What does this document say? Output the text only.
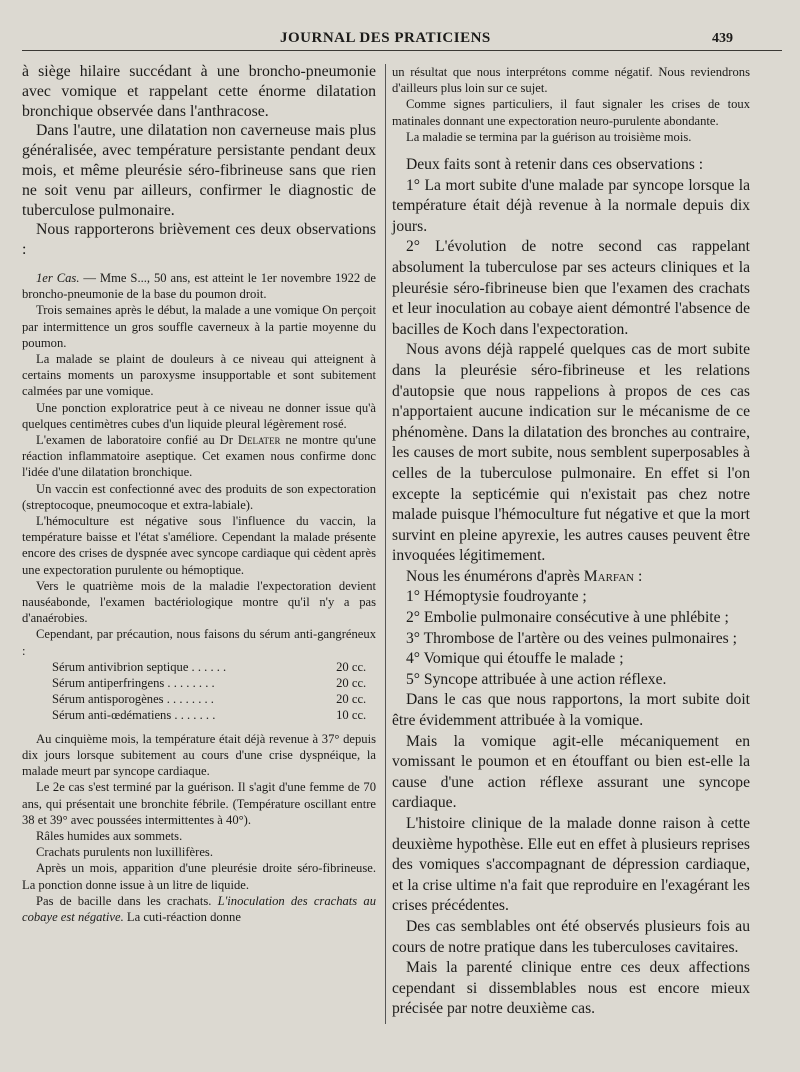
JOURNAL DES PRATICIENS	439

à siège hilaire succédant à une broncho-pneumonie avec vomique et rappelant cette énorme dilatation bronchique observée dans l'anthracose.

Dans l'autre, une dilatation non caverneuse mais plus généralisée, avec température persistante pendant deux mois, et même pleurésie séro-fibrineuse sans que rien ne soit venu par ailleurs, confirmer le diagnostic de tuberculose pulmonaire.

Nous rapporterons brièvement ces deux observations :

1er Cas. — Mme S..., 50 ans, est atteint le 1er novembre 1922 de broncho-pneumonie de la base du poumon droit.

Trois semaines après le début, la malade a une vomique On perçoit par intermittence un gros souffle caverneux à la partie moyenne du poumon.

La malade se plaint de douleurs à ce niveau qui atteignent à certains moments un paroxysme insupportable et sont subitement calmées par une vomique.

Une ponction exploratrice peut à ce niveau ne donner issue qu'à quelques centimètres cubes d'un liquide pleural légèrement rosé.

L'examen de laboratoire confié au Dr Delater ne montre qu'une réaction inflammatoire aseptique. Cet examen nous confirme donc l'idée d'une dilatation bronchique.

Un vaccin est confectionné avec des produits de son expectoration (streptocoque, pneumocoque et extra-labiale).

L'hémoculture est négative sous l'influence du vaccin, la température baisse et l'état s'améliore. Cependant la malade présente encore des crises de dyspnée avec syncope cardiaque qui cèdent après une expectoration purulente ou hémoptique.

Vers le quatrième mois de la maladie l'expectoration devient nauséabonde, l'examen bactériologique montre qu'il n'y a pas d'anaérobies.

Cependant, par précaution, nous faisons du sérum anti-gangréneux :

Sérum antivibrion septique . . . . . .	20 cc.
Sérum antiperfringens . . . . . . . .	20 cc.
Sérum antisporogènes . . . . . . . .	20 cc.
Sérum anti-œdématiens . . . . . . .	10 cc.

Au cinquième mois, la température était déjà revenue à 37° depuis dix jours lorsque subitement au cours d'une crise dyspnéique, la malade meurt par syncope cardiaque.

Le 2e cas s'est terminé par la guérison. Il s'agit d'une femme de 70 ans, qui présentait une bronchite fébrile. (Température oscillant entre 38 et 39° avec poussées intermittentes à 40°).

Râles humides aux sommets.

Crachats purulents non luxillifères.

Après un mois, apparition d'une pleurésie droite séro-fibrineuse. La ponction donne issue à un litre de liquide.

Pas de bacille dans les crachats. L'inoculation des crachats au cobaye est négative. La cuti-réaction donne

un résultat que nous interprétons comme négatif. Nous reviendrons d'ailleurs plus loin sur ce sujet.

Comme signes particuliers, il faut signaler les crises de toux matinales donnant une expectoration neuro-purulente abondante.

La maladie se termina par la guérison au troisième mois.

Deux faits sont à retenir dans ces observations :

1° La mort subite d'une malade par syncope lorsque la température était déjà revenue à la normale depuis dix jours.

2° L'évolution de notre second cas rappelant absolument la tuberculose par ses acteurs cliniques et la pleurésie séro-fibrineuse bien que l'examen des crachats et leur inoculation au cobaye aient démontré l'absence de bacilles de Koch dans l'expectoration.

Nous avons déjà rappelé quelques cas de mort subite dans la pleurésie séro-fibrineuse et les relations d'autopsie que nous rappelions à propos de ces cas n'apportaient aucune indication sur le mécanisme de ce phénomène. Dans la dilatation des bronches au contraire, les causes de mort subite, nous semblent superposables à celles de la tuberculose pulmonaire. En effet si l'on excepte la septicémie qui n'existait pas chez notre malade puisque l'hémoculture fut négative et que la mort survint en pleine apyrexie, les autres causes peuvent être invoquées légitimement.

Nous les énumérons d'après Marfan :

1° Hémoptysie foudroyante ;

2° Embolie pulmonaire consécutive à une phlébite ;

3° Thrombose de l'artère ou des veines pulmonaires ;

4° Vomique qui étouffe le malade ;

5° Syncope attribuée à une action réflexe.

Dans le cas que nous rapportons, la mort subite doit être évidemment attribuée à la vomique.

Mais la vomique agit-elle mécaniquement en vomissant le poumon et en étouffant ou bien est-elle la cause d'une action réflexe assurant une syncope cardiaque.

L'histoire clinique de la malade donne raison à cette deuxième hypothèse. Elle eut en effet à plusieurs reprises des vomiques s'accompagnant de dépression cardiaque, et la crise ultime n'a fait que reproduire en l'exagérant les crises précédentes.

Des cas semblables ont été observés plusieurs fois au cours de notre pratique dans les tuberculoses cavitaires.

Mais la parenté clinique entre ces deux affections cependant si dissemblables nous est encore mieux précisée par notre deuxième cas.
